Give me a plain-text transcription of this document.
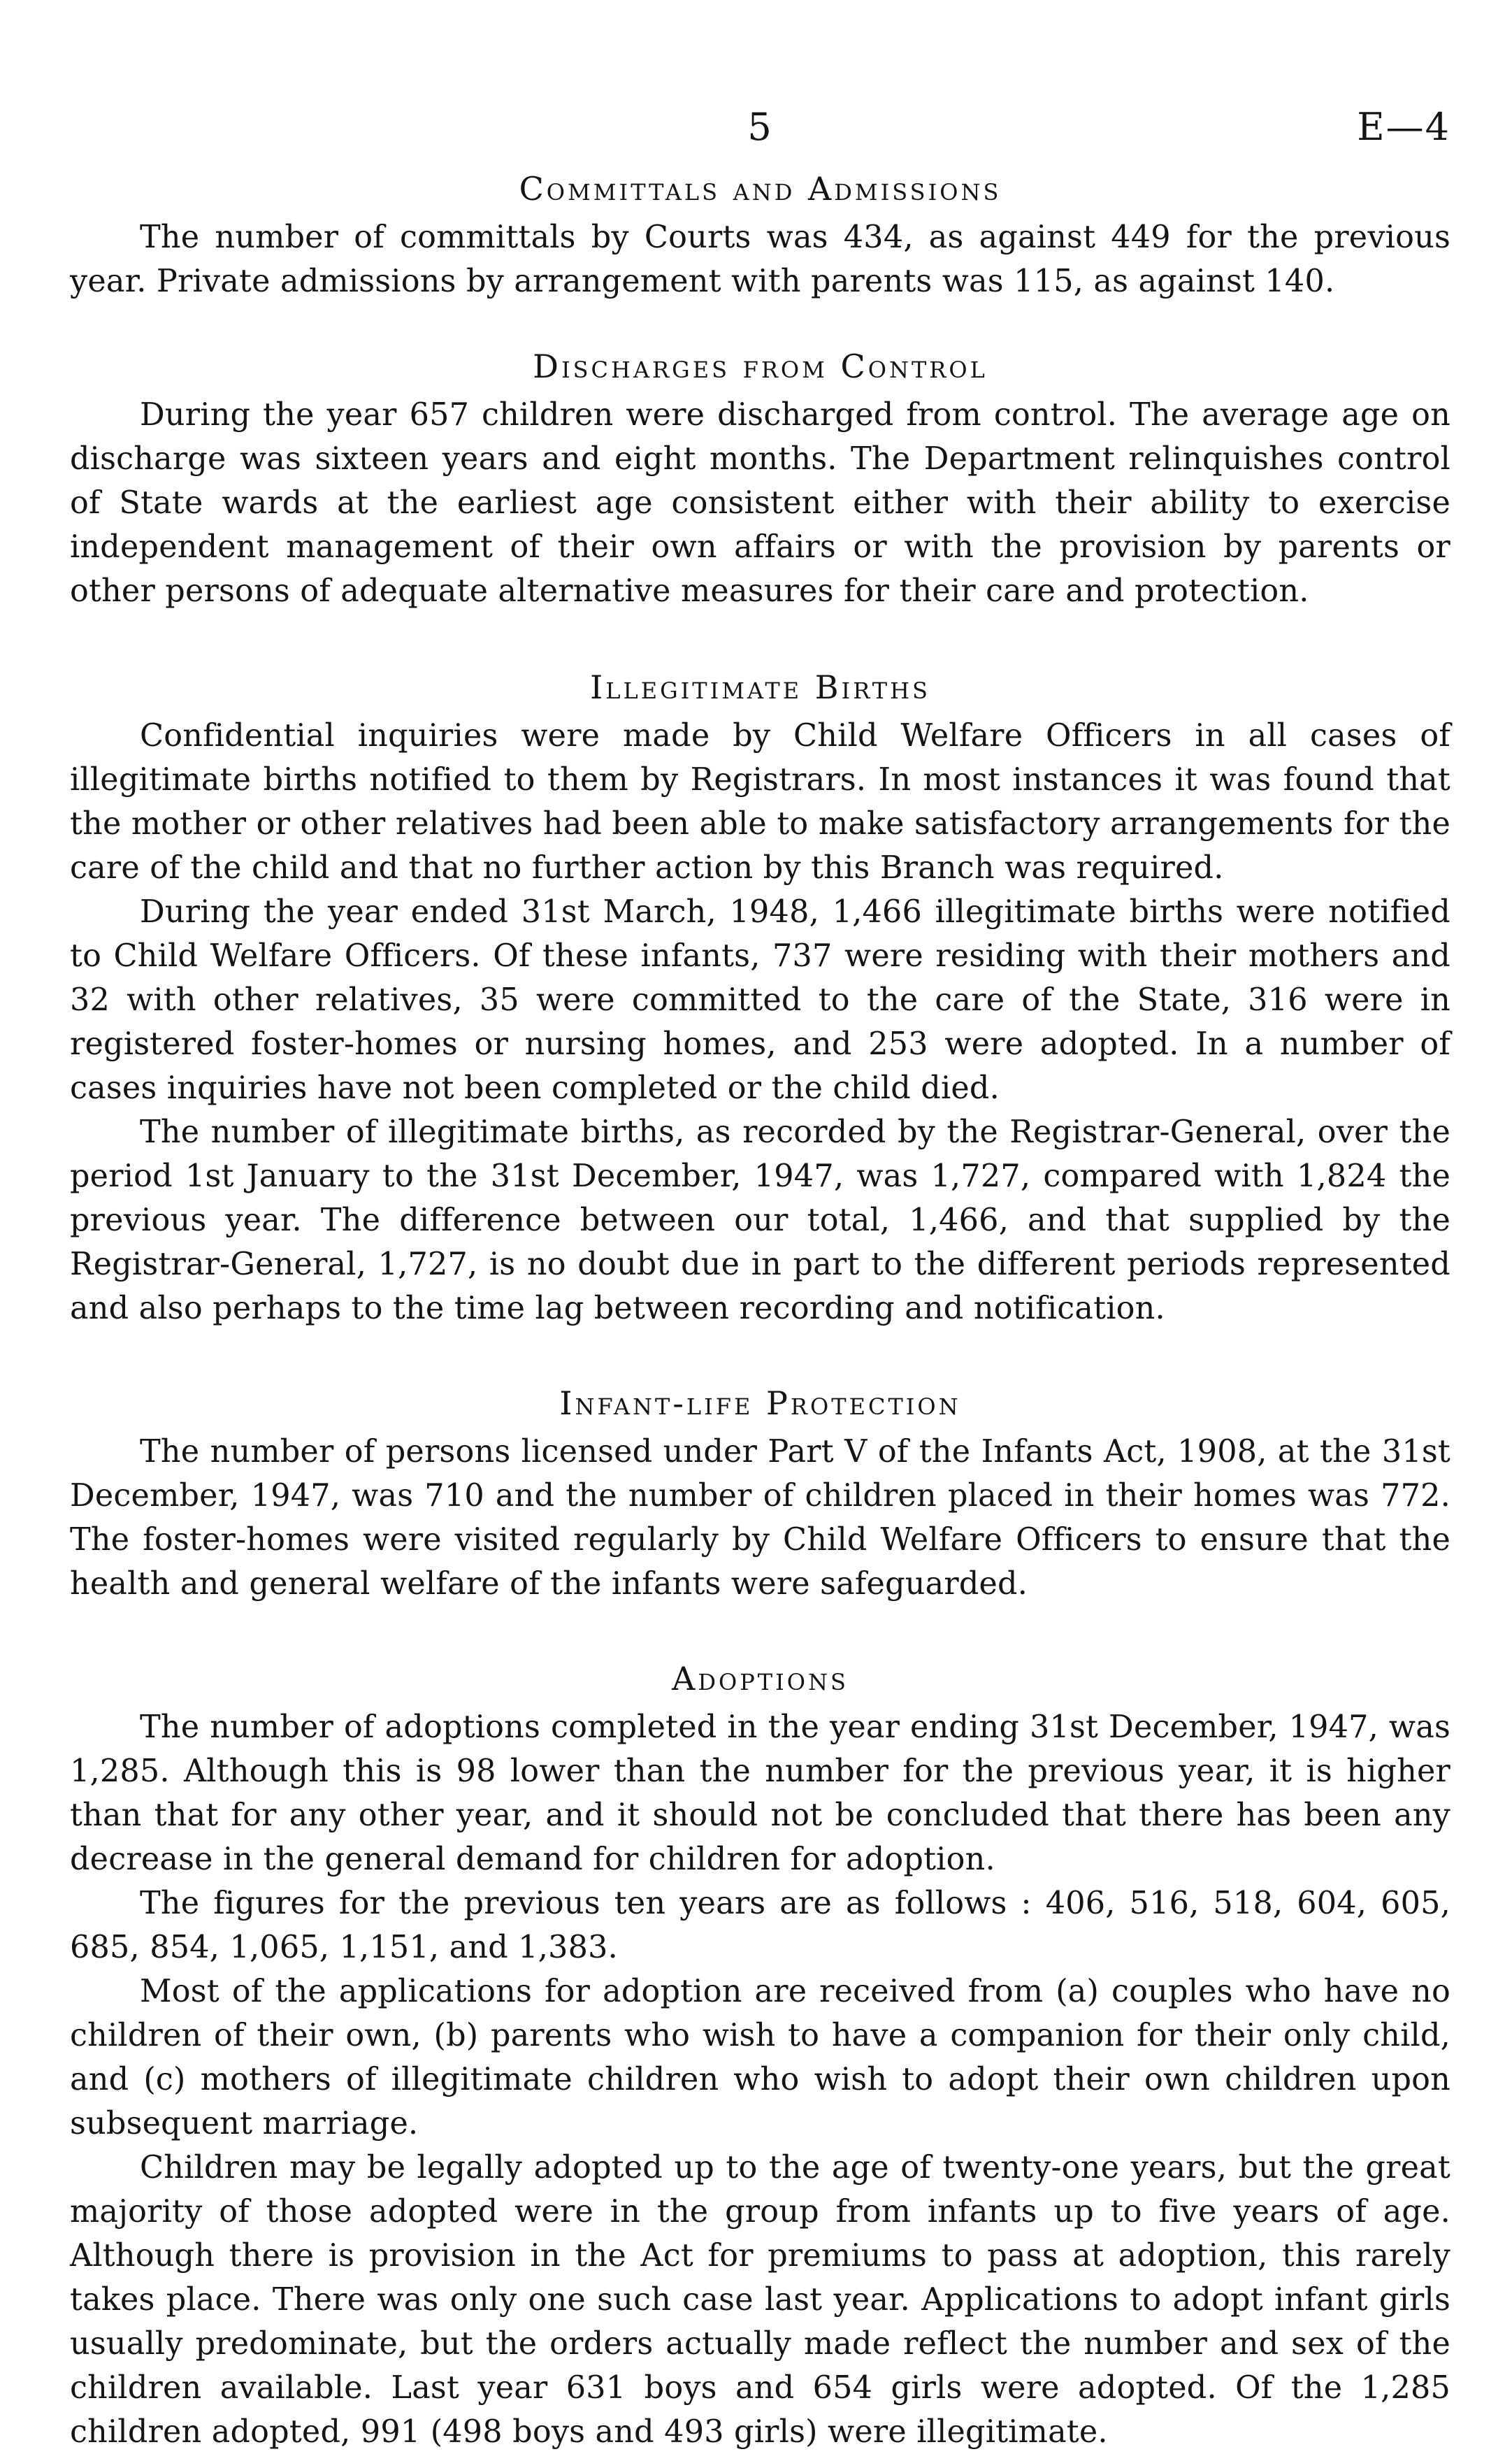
5	E—4
Committals and Admissions

The number of committals by Courts was 434, as against 449 for the previous year. Private admissions by arrangement with parents was 115, as against 140.

Discharges from Control

During the year 657 children were discharged from control. The average age on discharge was sixteen years and eight months. The Department relinquishes control of State wards at the earliest age consistent either with their ability to exercise independent management of their own affairs or with the provision by parents or other persons of adequate alternative measures for their care and protection.

Illegitimate Births

Confidential inquiries were made by Child Welfare Officers in all cases of illegitimate births notified to them by Registrars. In most instances it was found that the mother or other relatives had been able to make satisfactory arrangements for the care of the child and that no further action by this Branch was required.

During the year ended 31st March, 1948, 1,466 illegitimate births were notified to Child Welfare Officers. Of these infants, 737 were residing with their mothers and 32 with other relatives, 35 were committed to the care of the State, 316 were in registered foster-homes or nursing homes, and 253 were adopted. In a number of cases inquiries have not been completed or the child died.

The number of illegitimate births, as recorded by the Registrar-General, over the period 1st January to the 31st December, 1947, was 1,727, compared with 1,824 the previous year. The difference between our total, 1,466, and that supplied by the Registrar-General, 1,727, is no doubt due in part to the different periods represented and also perhaps to the time lag between recording and notification.

Infant-life Protection

The number of persons licensed under Part V of the Infants Act, 1908, at the 31st December, 1947, was 710 and the number of children placed in their homes was 772. The foster-homes were visited regularly by Child Welfare Officers to ensure that the health and general welfare of the infants were safeguarded.

Adoptions

The number of adoptions completed in the year ending 31st December, 1947, was 1,285. Although this is 98 lower than the number for the previous year, it is higher than that for any other year, and it should not be concluded that there has been any decrease in the general demand for children for adoption.

The figures for the previous ten years are as follows : 406, 516, 518, 604, 605, 685, 854, 1,065, 1,151, and 1,383.

Most of the applications for adoption are received from (a) couples who have no children of their own, (b) parents who wish to have a companion for their only child, and (c) mothers of illegitimate children who wish to adopt their own children upon subsequent marriage.

Children may be legally adopted up to the age of twenty-one years, but the great majority of those adopted were in the group from infants up to five years of age. Although there is provision in the Act for premiums to pass at adoption, this rarely takes place. There was only one such case last year. Applications to adopt infant girls usually predominate, but the orders actually made reflect the number and sex of the children available. Last year 631 boys and 654 girls were adopted. Of the 1,285 children adopted, 991 (498 boys and 493 girls) were illegitimate.
